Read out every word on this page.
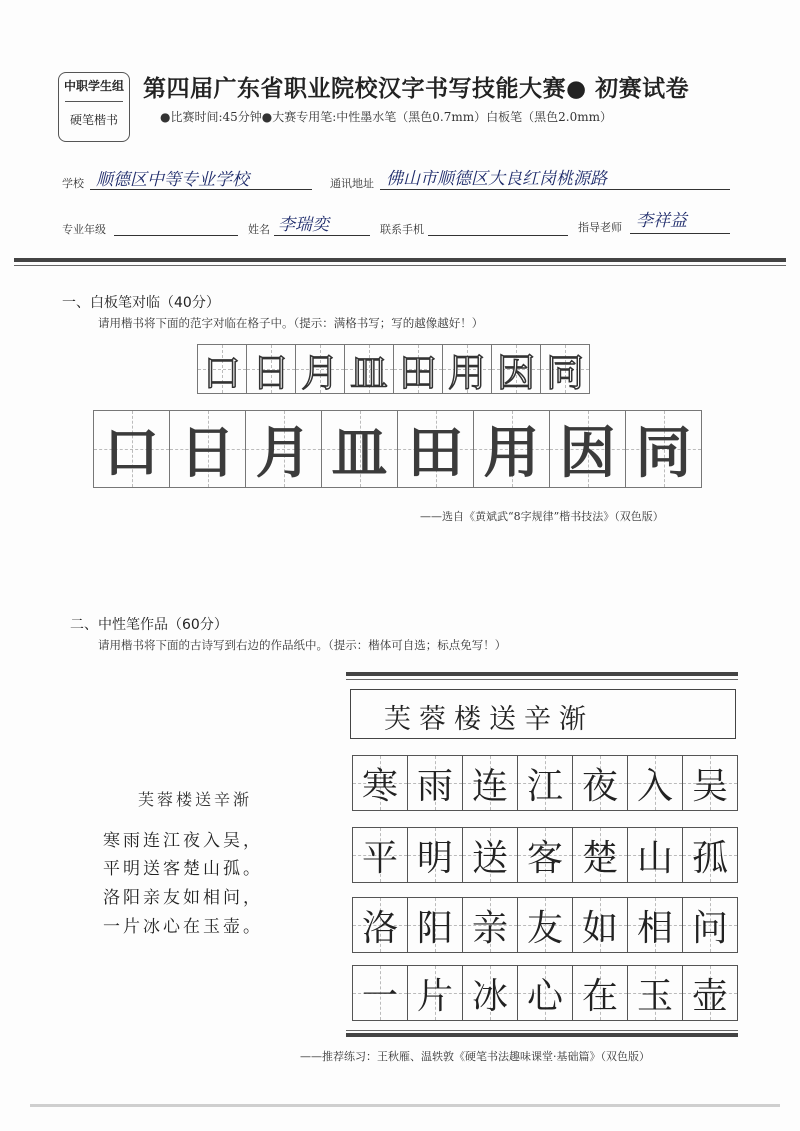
中职学生组
硬笔楷书
第四届广东省职业院校汉字书写技能大赛● 初赛试卷
●比赛时间:45分钟●大赛专用笔:中性墨水笔（黑色0.7mm）白板笔（黑色2.0mm）
学校 顺德区中等专业学校	通讯地址 佛山市顺德区大良红岗桃源路
专业年级	姓名 李瑞奕	联系手机	指导老师 李祥益
一、白板笔对临（40分）
请用楷书将下面的范字对临在格子中。（提示：满格书写；写的越像越好！）
口 日 月 皿 田 用 因 同
口 日 月 皿 田 用 因 同
——选自《黄斌武“8字规律”楷书技法》（双色版）
二、中性笔作品（60分）
请用楷书将下面的古诗写到右边的作品纸中。（提示：楷体可自选；标点免写！）
芙蓉楼送辛渐
寒雨连江夜入吴，
平明送客楚山孤。
洛阳亲友如相问，
一片冰心在玉壶。
芙蓉楼送辛渐
寒 雨 连 江 夜 入 吴
平 明 送 客 楚 山 孤
洛 阳 亲 友 如 相 问
一 片 冰 心 在 玉 壶
——推荐练习：王秋雁、温轶敦《硬笔书法趣味课堂·基础篇》（双色版）
